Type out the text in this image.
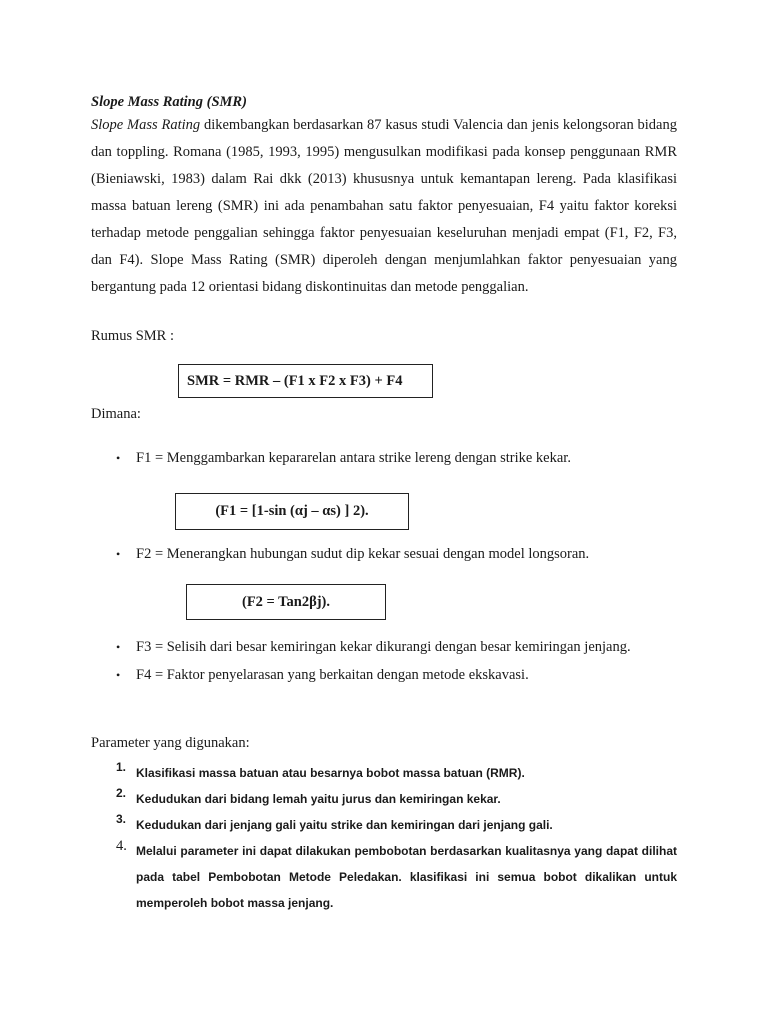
Slope Mass Rating (SMR)

Slope Mass Rating dikembangkan berdasarkan 87 kasus studi Valencia dan jenis kelongsoran bidang dan toppling. Romana (1985, 1993, 1995) mengusulkan modifikasi pada konsep penggunaan RMR (Bieniawski, 1983) dalam Rai dkk (2013) khususnya untuk kemantapan lereng. Pada klasifikasi massa batuan lereng (SMR) ini ada penambahan satu faktor penyesuaian, F4 yaitu faktor koreksi terhadap metode penggalian sehingga faktor penyesuaian keseluruhan menjadi empat (F1, F2, F3, dan F4). Slope Mass Rating (SMR) diperoleh dengan menjumlahkan faktor penyesuaian yang bergantung pada 12 orientasi bidang diskontinuitas dan metode penggalian.

Rumus SMR :
SMR = RMR – (F1 x F2 x F3) + F4
Dimana:
•	F1 = Menggambarkan kepararelan antara strike lereng dengan strike kekar.
(F1 = [1-sin (αj – αs) ] 2).
•	F2 = Menerangkan hubungan sudut dip kekar sesuai dengan model longsoran.
(F2 = Tan2βj).
•	F3 = Selisih dari besar kemiringan kekar dikurangi dengan besar kemiringan jenjang.
•	F4 = Faktor penyelarasan yang berkaitan dengan metode ekskavasi.
Parameter yang digunakan:
1. Klasifikasi massa batuan atau besarnya bobot massa batuan (RMR).
2. Kedudukan dari bidang lemah yaitu jurus dan kemiringan kekar.
3. Kedudukan dari jenjang gali yaitu strike dan kemiringan dari jenjang gali.
4. Melalui parameter ini dapat dilakukan pembobotan berdasarkan kualitasnya yang dapat dilihat pada tabel Pembobotan Metode Peledakan. klasifikasi ini semua bobot dikalikan untuk memperoleh bobot massa jenjang.
